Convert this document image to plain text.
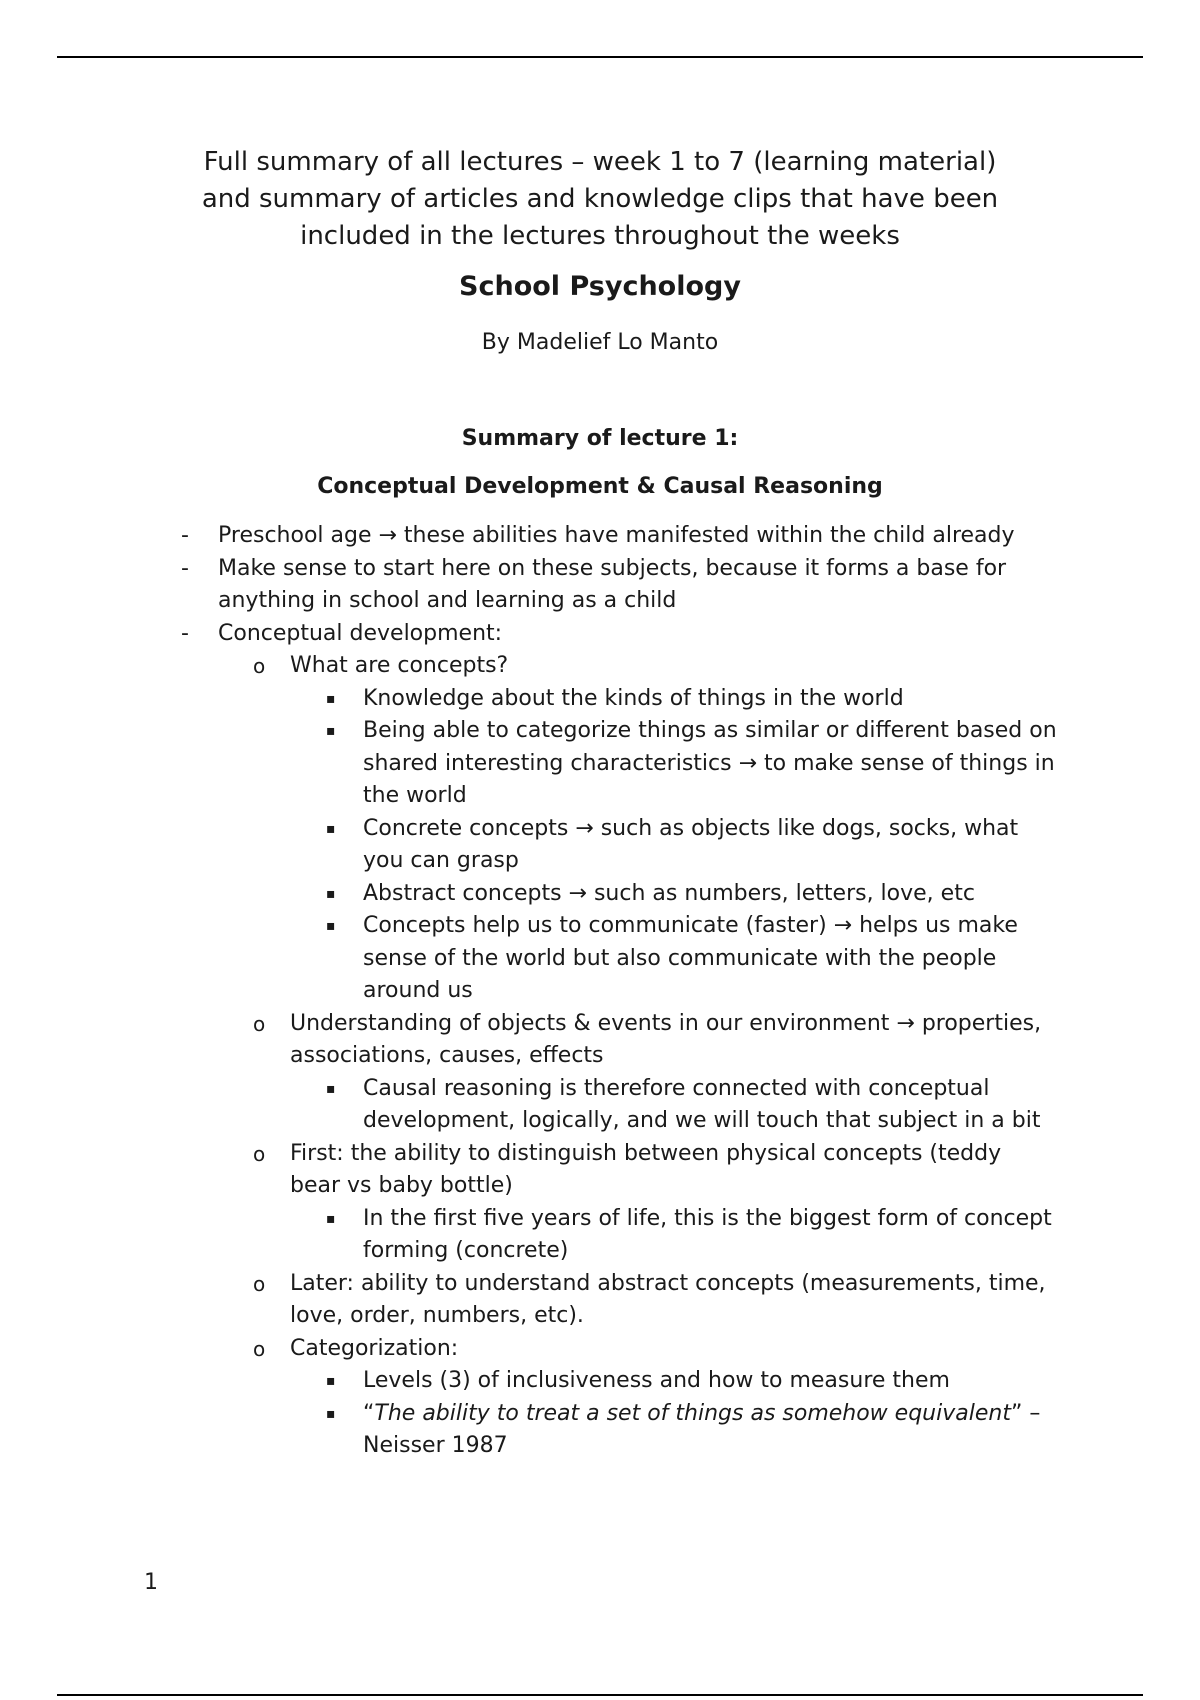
Full summary of all lectures – week 1 to 7 (learning material)
and summary of articles and knowledge clips that have been
included in the lectures throughout the weeks
School Psychology
By Madelief Lo Manto
Summary of lecture 1:
Conceptual Development & Causal Reasoning
- Preschool age → these abilities have manifested within the child already
- Make sense to start here on these subjects, because it forms a base for anything in school and learning as a child
- Conceptual development:
o What are concepts?
▪ Knowledge about the kinds of things in the world
▪ Being able to categorize things as similar or different based on shared interesting characteristics → to make sense of things in the world
▪ Concrete concepts → such as objects like dogs, socks, what you can grasp
▪ Abstract concepts → such as numbers, letters, love, etc
▪ Concepts help us to communicate (faster) → helps us make sense of the world but also communicate with the people around us
o Understanding of objects & events in our environment → properties, associations, causes, effects
▪ Causal reasoning is therefore connected with conceptual development, logically, and we will touch that subject in a bit
o First: the ability to distinguish between physical concepts (teddy bear vs baby bottle)
▪ In the first five years of life, this is the biggest form of concept forming (concrete)
o Later: ability to understand abstract concepts (measurements, time, love, order, numbers, etc).
o Categorization:
▪ Levels (3) of inclusiveness and how to measure them
▪ “The ability to treat a set of things as somehow equivalent” – Neisser 1987
1
